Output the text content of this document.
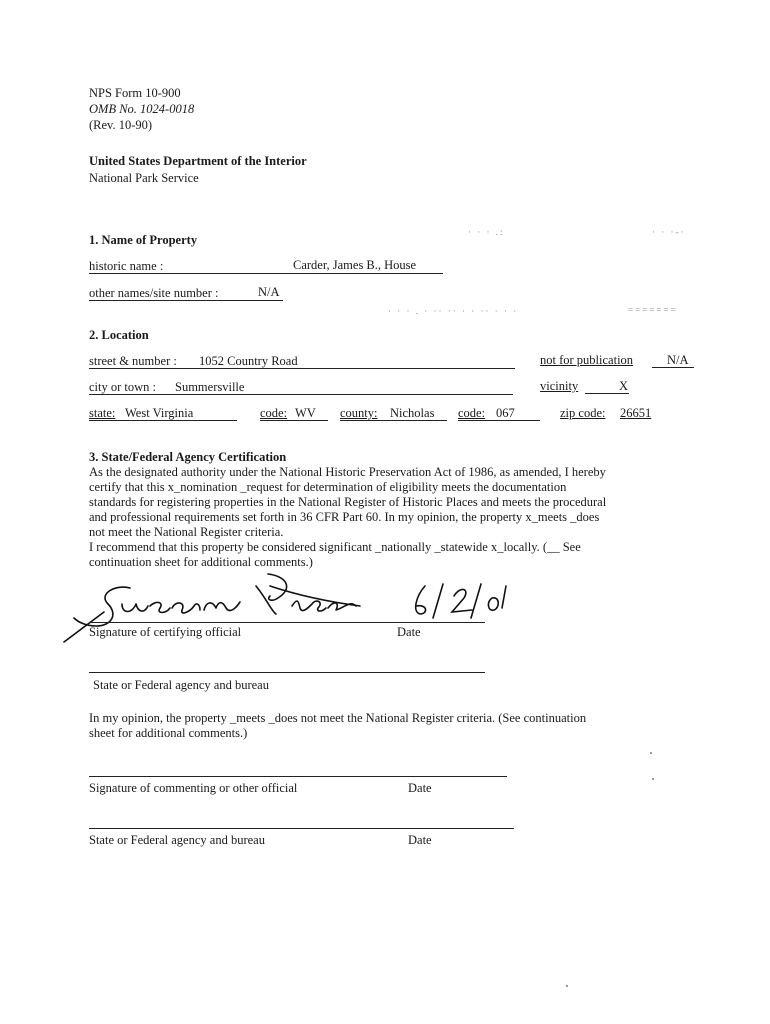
NPS Form 10-900
OMB No. 1024-0018
(Rev. 10-90)
United States Department of the Interior
National Park Service
· · · .:	· · ·-·
· · · . · ·· ·· · · ·· · · ·	=======
1. Name of Property
historic name :	Carder, James B., House
other names/site number :	N/A
2. Location
street & number : 1052 Country Road	not for publication	N/A
city or town : Summersville	vicinity	X
state: West Virginia	code: WV county: Nicholas code: 067	zip code: 26651
3. State/Federal Agency Certification
As the designated authority under the National Historic Preservation Act of 1986, as amended, I hereby
certify that this x_nomination _request for determination of eligibility meets the documentation
standards for registering properties in the National Register of Historic Places and meets the procedural
and professional requirements set forth in 36 CFR Part 60. In my opinion, the property x_meets _does
not meet the National Register criteria.
I recommend that this property be considered significant _nationally _statewide x_locally. (__ See
continuation sheet for additional comments.)
Signature of certifying official	Date
State or Federal agency and bureau
In my opinion, the property _meets _does not meet the National Register criteria. (See continuation
sheet for additional comments.)
Signature of commenting or other official	Date
State or Federal agency and bureau	Date
